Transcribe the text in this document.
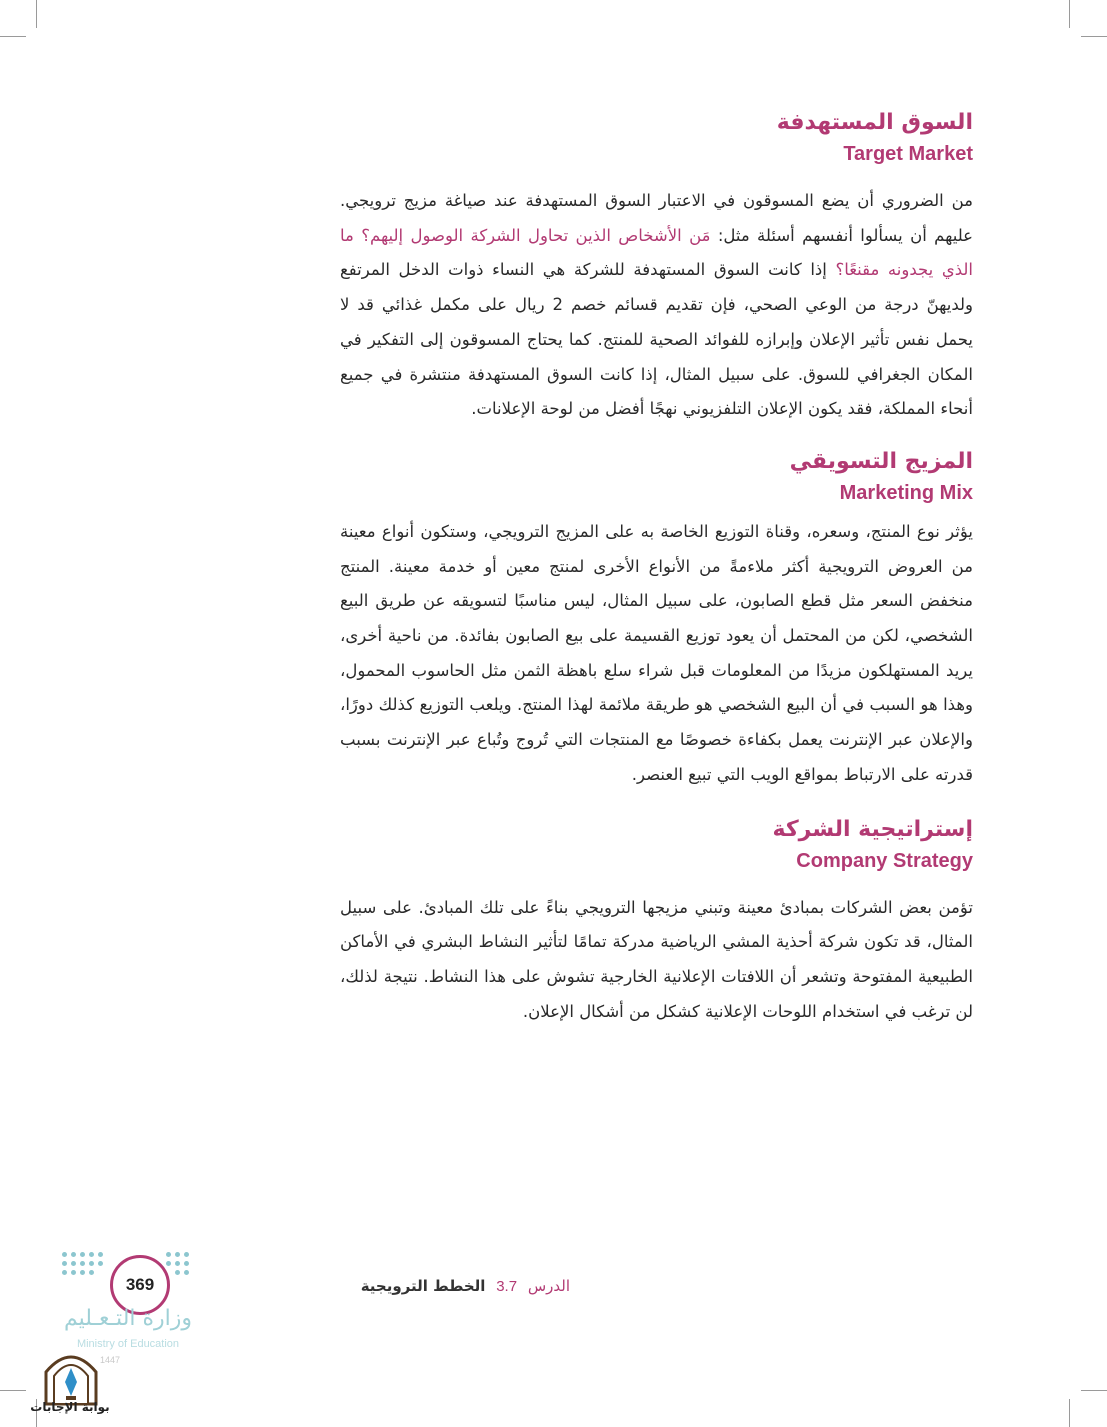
السوق المستهدفة
Target Market

من الضروري أن يضع المسوقون في الاعتبار السوق المستهدفة عند صياغة مزيج ترويجي. عليهم أن يسألوا أنفسهم أسئلة مثل: مَن الأشخاص الذين تحاول الشركة الوصول إليهم؟ ما الذي يجدونه مقنعًا؟ إذا كانت السوق المستهدفة للشركة هي النساء ذوات الدخل المرتفع ولديهنّ درجة من الوعي الصحي، فإن تقديم قسائم خصم 2 ريال على مكمل غذائي قد لا يحمل نفس تأثير الإعلان وإبرازه للفوائد الصحية للمنتج. كما يحتاج المسوقون إلى التفكير في المكان الجغرافي للسوق. على سبيل المثال، إذا كانت السوق المستهدفة منتشرة في جميع أنحاء المملكة، فقد يكون الإعلان التلفزيوني نهجًا أفضل من لوحة الإعلانات.

المزيج التسويقي
Marketing Mix

يؤثر نوع المنتج، وسعره، وقناة التوزيع الخاصة به على المزيج الترويجي، وستكون أنواع معينة من العروض الترويجية أكثر ملاءمةً من الأنواع الأخرى لمنتج معين أو خدمة معينة. المنتج منخفض السعر مثل قطع الصابون، على سبيل المثال، ليس مناسبًا لتسويقه عن طريق البيع الشخصي، لكن من المحتمل أن يعود توزيع القسيمة على بيع الصابون بفائدة. من ناحية أخرى، يريد المستهلكون مزيدًا من المعلومات قبل شراء سلع باهظة الثمن مثل الحاسوب المحمول، وهذا هو السبب في أن البيع الشخصي هو طريقة ملائمة لهذا المنتج. ويلعب التوزيع كذلك دورًا، والإعلان عبر الإنترنت يعمل بكفاءة خصوصًا مع المنتجات التي تُروج وتُباع عبر الإنترنت بسبب قدرته على الارتباط بمواقع الويب التي تبيع العنصر.

إستراتيجية الشركة
Company Strategy

تؤمن بعض الشركات بمبادئ معينة وتبني مزيجها الترويجي بناءً على تلك المبادئ. على سبيل المثال، قد تكون شركة أحذية المشي الرياضية مدركة تمامًا لتأثير النشاط البشري في الأماكن الطبيعية المفتوحة وتشعر أن اللافتات الإعلانية الخارجية تشوش على هذا النشاط. نتيجة لذلك، لن ترغب في استخدام اللوحات الإعلانية كشكل من أشكال الإعلان.

الدرس 3.7 الخطط الترويجية
369
وزارة التـعـليم
Ministry of Education
1447
بوابة الإجابات
